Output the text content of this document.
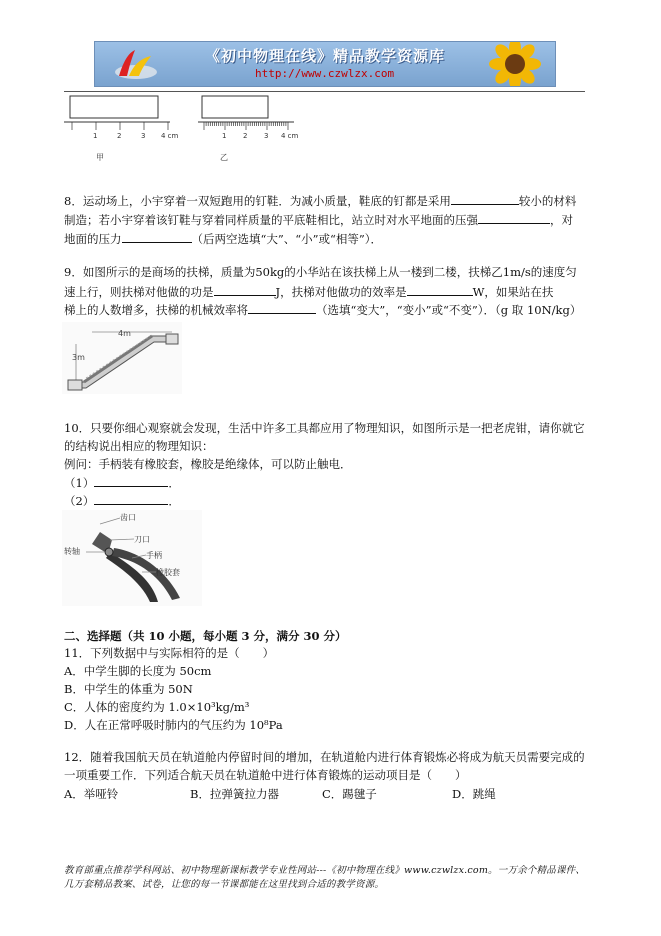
《初中物理在线》精品教学资源库
http://www.czwlzx.com
1	2	3 4 cm
甲
1 2 3 4 cm
乙
8．运动场上，小宇穿着一双短跑用的钉鞋．为减小质量，鞋底的钉都是采用	较小的材料
制造；若小宇穿着该钉鞋与穿着同样质量的平底鞋相比，站立时对水平地面的压强	，对
地面的压力	（后两空选填“大”、“小”或“相等”）．
9．如图所示的是商场的扶梯，质量为50kg的小华站在该扶梯上从一楼到二楼，扶梯乙1m/s的速度匀
速上行，则扶梯对他做的功是	J，扶梯对他做功的效率是	W，如果站在扶
梯上的人数增多，扶梯的机械效率将	（选填“变大”，“变小”或“不变”）．（g 取 10N/kg）
4m
3m
10．只要你细心观察就会发现，生活中许多工具都应用了物理知识，如图所示是一把老虎钳，请你就它
的结构说出相应的物理知识：
例问：手柄装有橡胶套，橡胶是绝缘体，可以防止触电．
（1）	．
（2）	．
齿口
刀口
转轴	手柄
橡胶套
二、选择题（共 10 小题，每小题 3 分，满分 30 分）
11．下列数据中与实际相符的是（　　）
A．中学生脚的长度为 50cm
B．中学生的体重为 50N
C．人体的密度约为 1.0×10³kg/m³
D．人在正常呼吸时肺内的气压约为 10⁸Pa
12．随着我国航天员在轨道舱内停留时间的增加，在轨道舱内进行体育锻炼必将成为航天员需要完成的
一项重要工作．下列适合航天员在轨道舱中进行体育锻炼的运动项目是（　　）
A．举哑铃	B．拉弹簧拉力器	C．踢毽子	D．跳绳
教育部重点推荐学科网站、初中物理新课标教学专业性网站---《初中物理在线》www.czwlzx.com。一万余个精品课件、
几万套精品教案、试卷，让您的每一节课都能在这里找到合适的教学资源。
